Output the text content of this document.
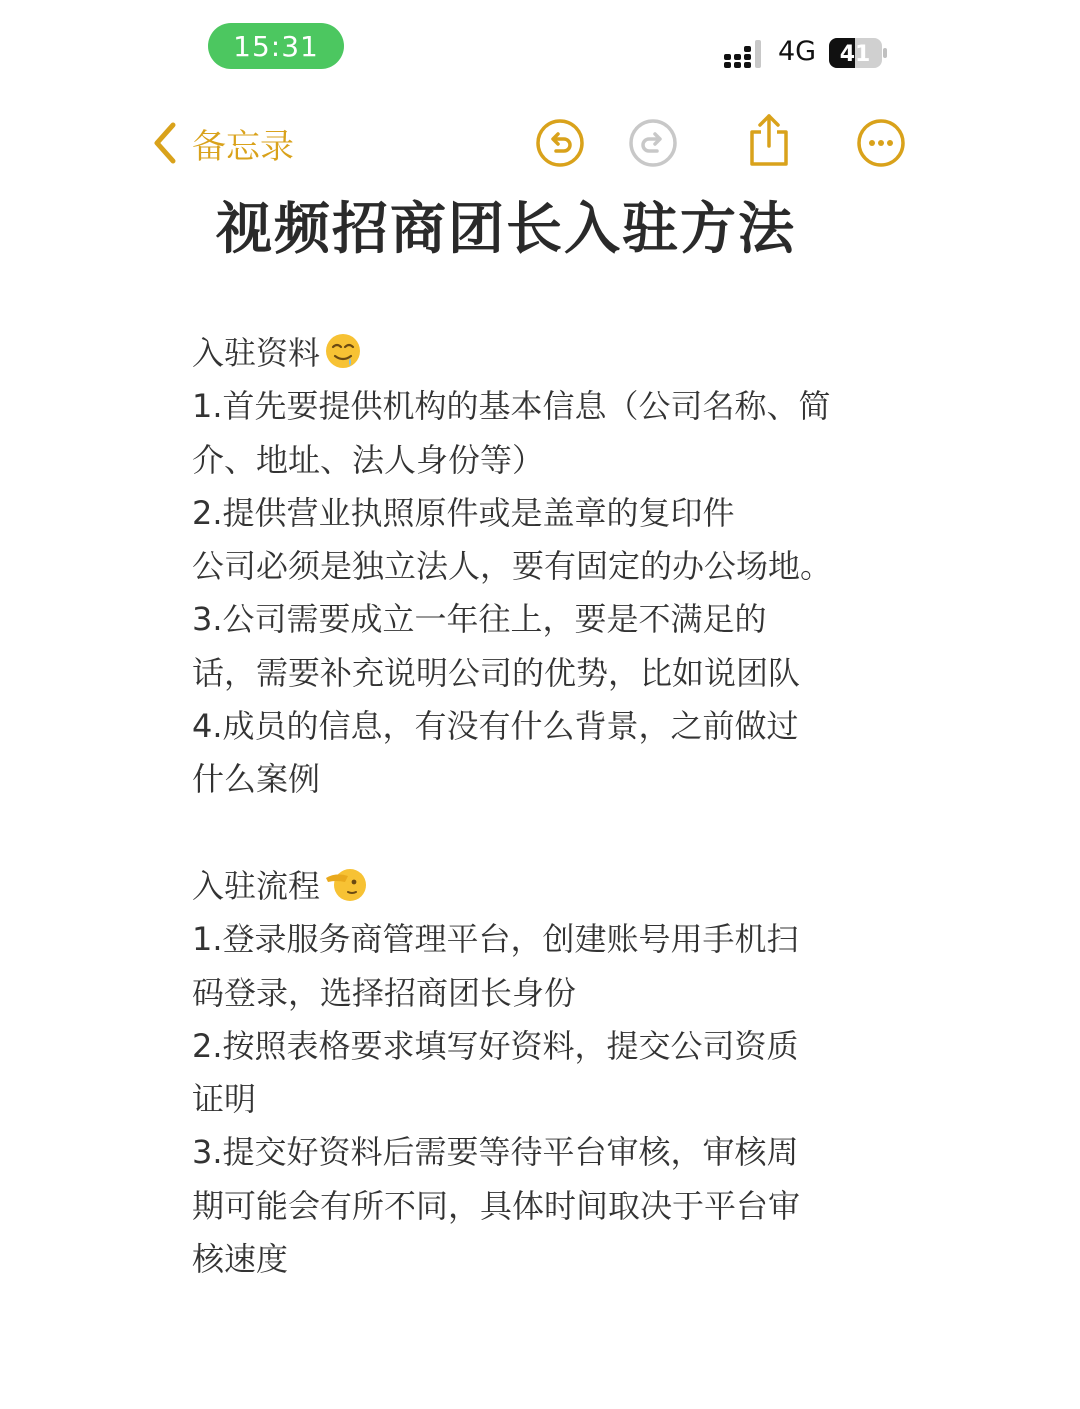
15:31	4G 41
备忘录
视频招商团长入驻方法
入驻资料
1.首先要提供机构的基本信息（公司名称、简
介、地址、法人身份等）
2.提供营业执照原件或是盖章的复印件
公司必须是独立法人，要有固定的办公场地。
3.公司需要成立一年往上，要是不满足的
话，需要补充说明公司的优势，比如说团队
4.成员的信息，有没有什么背景，之前做过
什么案例
入驻流程
1.登录服务商管理平台，创建账号用手机扫
码登录，选择招商团长身份
2.按照表格要求填写好资料，提交公司资质
证明
3.提交好资料后需要等待平台审核，审核周
期可能会有所不同，具体时间取决于平台审
核速度
